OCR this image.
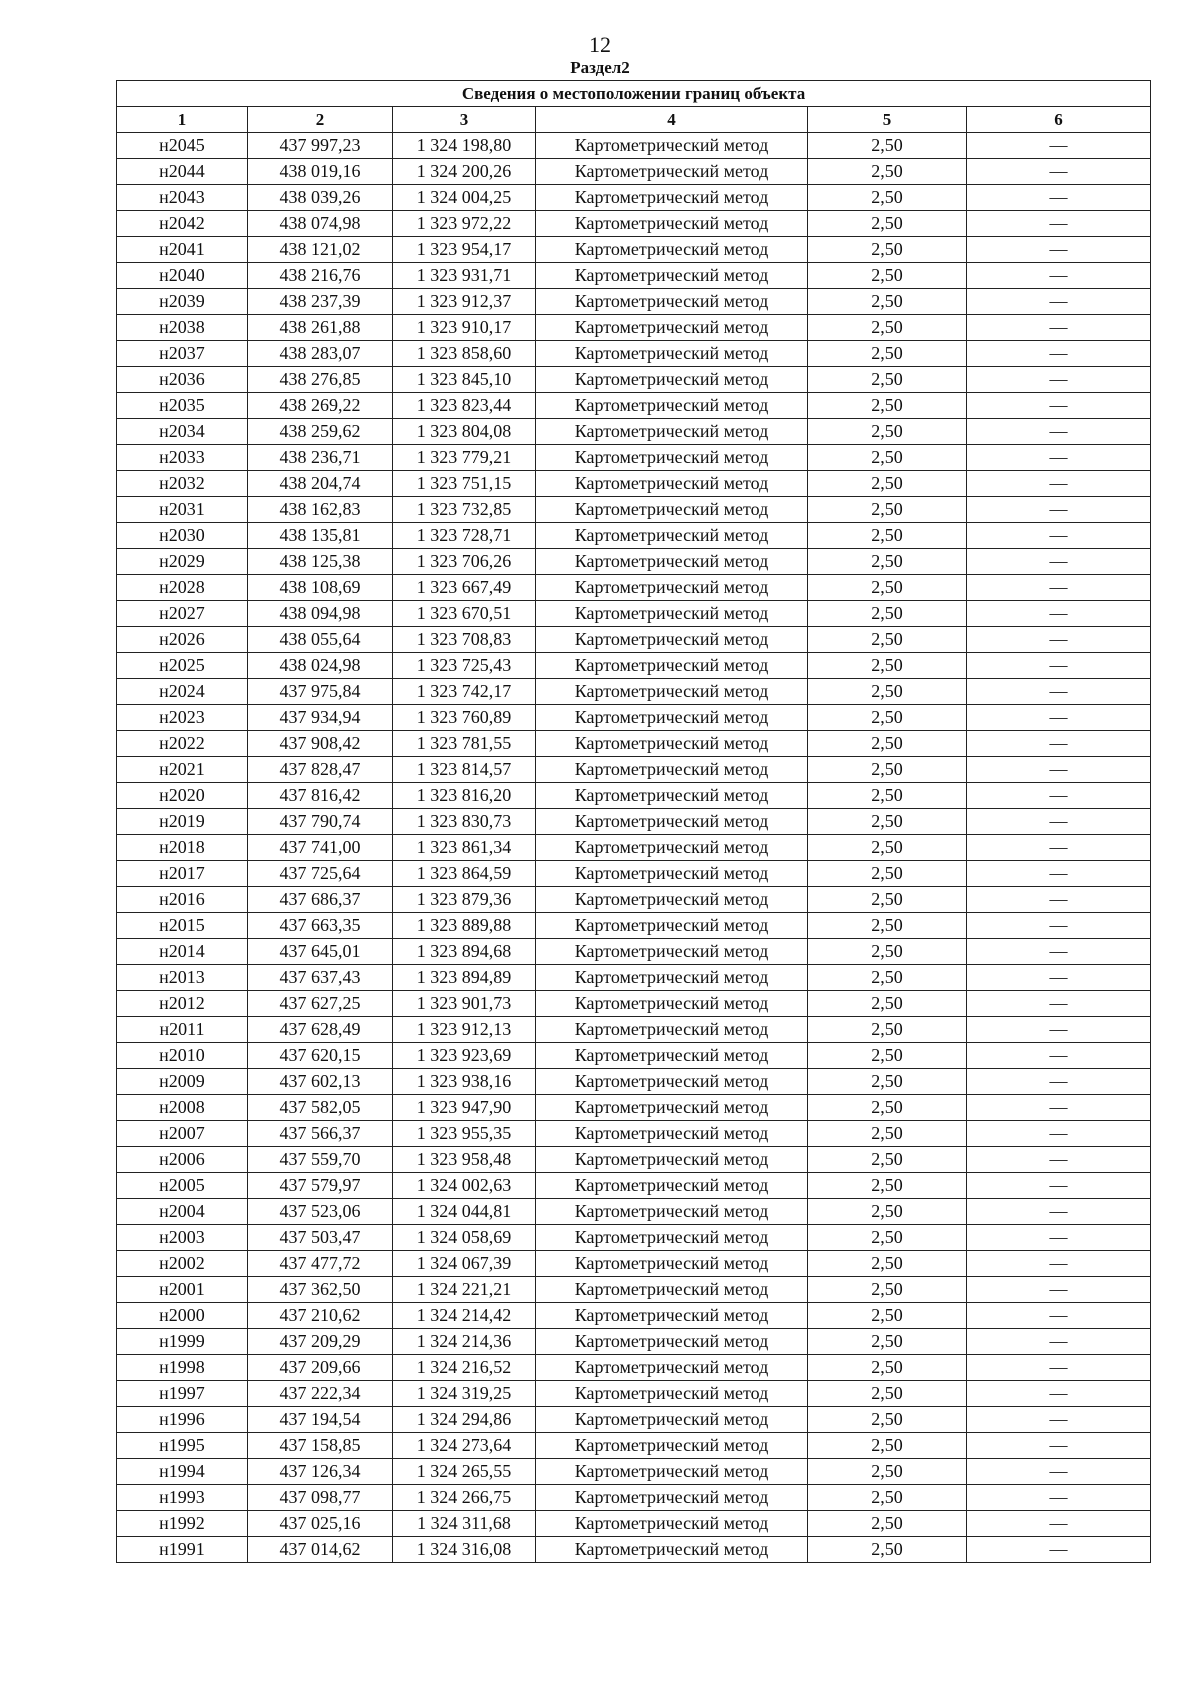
12
Раздел2
Сведения о местоположении границ объекта					
1	2	3	4	5	6
н2045	437 997,23	1 324 198,80	Картометрический метод	2,50	—
н2044	438 019,16	1 324 200,26	Картометрический метод	2,50	—
н2043	438 039,26	1 324 004,25	Картометрический метод	2,50	—
н2042	438 074,98	1 323 972,22	Картометрический метод	2,50	—
н2041	438 121,02	1 323 954,17	Картометрический метод	2,50	—
н2040	438 216,76	1 323 931,71	Картометрический метод	2,50	—
н2039	438 237,39	1 323 912,37	Картометрический метод	2,50	—
н2038	438 261,88	1 323 910,17	Картометрический метод	2,50	—
н2037	438 283,07	1 323 858,60	Картометрический метод	2,50	—
н2036	438 276,85	1 323 845,10	Картометрический метод	2,50	—
н2035	438 269,22	1 323 823,44	Картометрический метод	2,50	—
н2034	438 259,62	1 323 804,08	Картометрический метод	2,50	—
н2033	438 236,71	1 323 779,21	Картометрический метод	2,50	—
н2032	438 204,74	1 323 751,15	Картометрический метод	2,50	—
н2031	438 162,83	1 323 732,85	Картометрический метод	2,50	—
н2030	438 135,81	1 323 728,71	Картометрический метод	2,50	—
н2029	438 125,38	1 323 706,26	Картометрический метод	2,50	—
н2028	438 108,69	1 323 667,49	Картометрический метод	2,50	—
н2027	438 094,98	1 323 670,51	Картометрический метод	2,50	—
н2026	438 055,64	1 323 708,83	Картометрический метод	2,50	—
н2025	438 024,98	1 323 725,43	Картометрический метод	2,50	—
н2024	437 975,84	1 323 742,17	Картометрический метод	2,50	—
н2023	437 934,94	1 323 760,89	Картометрический метод	2,50	—
н2022	437 908,42	1 323 781,55	Картометрический метод	2,50	—
н2021	437 828,47	1 323 814,57	Картометрический метод	2,50	—
н2020	437 816,42	1 323 816,20	Картометрический метод	2,50	—
н2019	437 790,74	1 323 830,73	Картометрический метод	2,50	—
н2018	437 741,00	1 323 861,34	Картометрический метод	2,50	—
н2017	437 725,64	1 323 864,59	Картометрический метод	2,50	—
н2016	437 686,37	1 323 879,36	Картометрический метод	2,50	—
н2015	437 663,35	1 323 889,88	Картометрический метод	2,50	—
н2014	437 645,01	1 323 894,68	Картометрический метод	2,50	—
н2013	437 637,43	1 323 894,89	Картометрический метод	2,50	—
н2012	437 627,25	1 323 901,73	Картометрический метод	2,50	—
н2011	437 628,49	1 323 912,13	Картометрический метод	2,50	—
н2010	437 620,15	1 323 923,69	Картометрический метод	2,50	—
н2009	437 602,13	1 323 938,16	Картометрический метод	2,50	—
н2008	437 582,05	1 323 947,90	Картометрический метод	2,50	—
н2007	437 566,37	1 323 955,35	Картометрический метод	2,50	—
н2006	437 559,70	1 323 958,48	Картометрический метод	2,50	—
н2005	437 579,97	1 324 002,63	Картометрический метод	2,50	—
н2004	437 523,06	1 324 044,81	Картометрический метод	2,50	—
н2003	437 503,47	1 324 058,69	Картометрический метод	2,50	—
н2002	437 477,72	1 324 067,39	Картометрический метод	2,50	—
н2001	437 362,50	1 324 221,21	Картометрический метод	2,50	—
н2000	437 210,62	1 324 214,42	Картометрический метод	2,50	—
н1999	437 209,29	1 324 214,36	Картометрический метод	2,50	—
н1998	437 209,66	1 324 216,52	Картометрический метод	2,50	—
н1997	437 222,34	1 324 319,25	Картометрический метод	2,50	—
н1996	437 194,54	1 324 294,86	Картометрический метод	2,50	—
н1995	437 158,85	1 324 273,64	Картометрический метод	2,50	—
н1994	437 126,34	1 324 265,55	Картометрический метод	2,50	—
н1993	437 098,77	1 324 266,75	Картометрический метод	2,50	—
н1992	437 025,16	1 324 311,68	Картометрический метод	2,50	—
н1991	437 014,62	1 324 316,08	Картометрический метод	2,50	—
